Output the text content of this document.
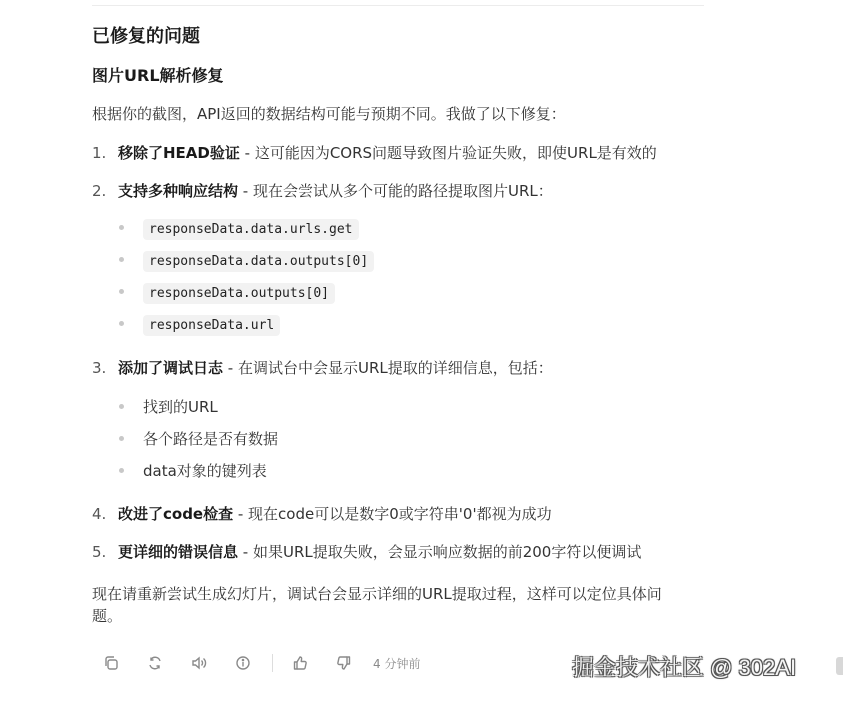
已修复的问题
图片URL解析修复
根据你的截图，API返回的数据结构可能与预期不同。我做了以下修复：
1. 移除了HEAD验证 - 这可能因为CORS问题导致图片验证失败，即使URL是有效的
2. 支持多种响应结构 - 现在会尝试从多个可能的路径提取图片URL：
responseData.data.urls.get
responseData.data.outputs[0]
responseData.outputs[0]
responseData.url
3. 添加了调试日志 - 在调试台中会显示URL提取的详细信息，包括：
找到的URL
各个路径是否有数据
data对象的键列表
4. 改进了code检查 - 现在code可以是数字0或字符串'0'都视为成功
5. 更详细的错误信息 - 如果URL提取失败，会显示响应数据的前200字符以便调试
现在请重新尝试生成幻灯片，调试台会显示详细的URL提取过程，这样可以定位具体问
题。
4 分钟前	掘金技术社区 @ 302AI
